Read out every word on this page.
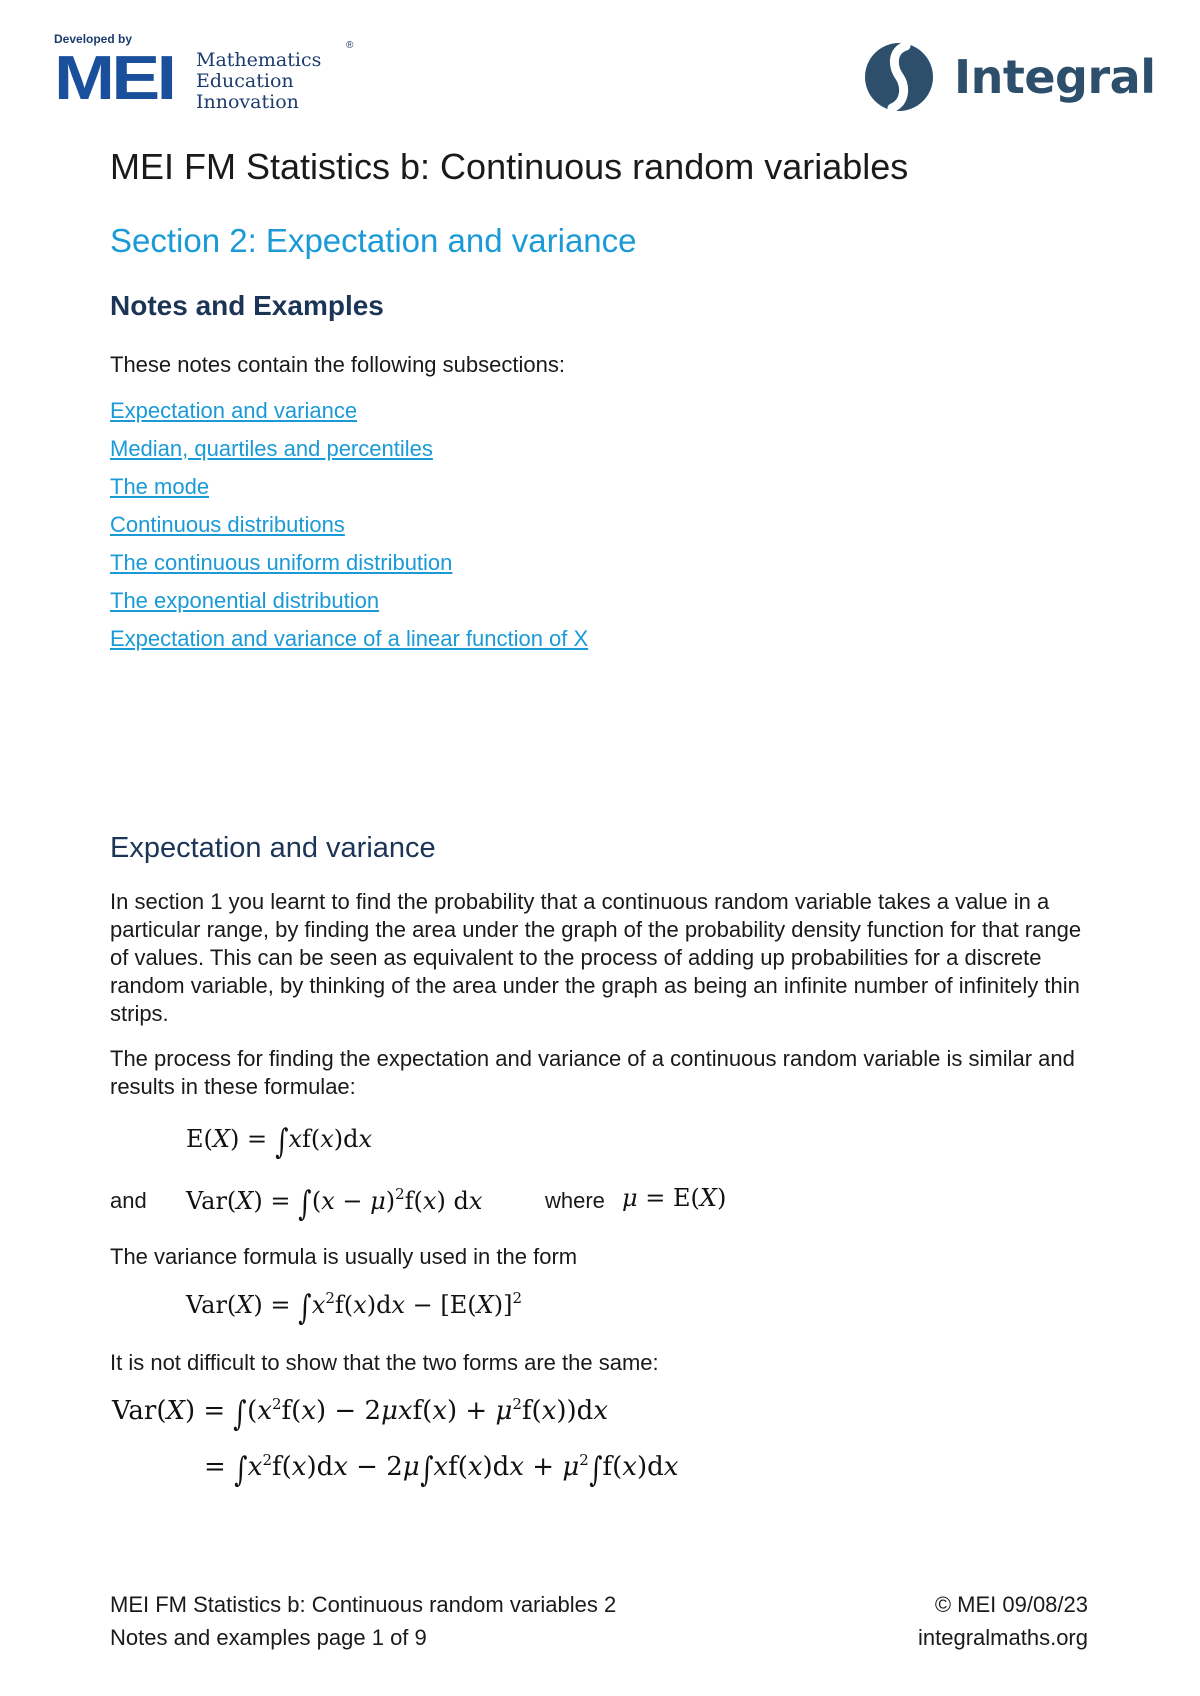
Developed by
MEI Mathematics
Education
Innovation
®
Integral
MEI FM Statistics b: Continuous random variables
Section 2: Expectation and variance
Notes and Examples
These notes contain the following subsections:
Expectation and variance
Median, quartiles and percentiles
The mode
Continuous distributions
The continuous uniform distribution
The exponential distribution
Expectation and variance of a linear function of X
Expectation and variance
In section 1 you learnt to find the probability that a continuous random variable takes a value in a particular range, by finding the area under the graph of the probability density function for that range of values. This can be seen as equivalent to the process of adding up probabilities for a discrete random variable, by thinking of the area under the graph as being an infinite number of infinitely thin strips.
The process for finding the expectation and variance of a continuous random variable is similar and results in these formulae:
E(X) = ∫xf(x)dx
and $Var(X) = \int(x - \mu)^2f(x)$ dx	where μ = E(X)
The variance formula is usually used in the form
$Var(X) = \int x^2f(x)dx - [E(X)]^2$
It is not difficult to show that the two forms are the same:
$Var(X) = \int(x^2f(x) - 2\mu xf(x) + \mu^2f(x))dx$
= $\int x^2f(x)dx - 2\mu\int xf(x)dx + \mu^2\int f(x)dx$
MEI FM Statistics b: Continuous random variables 2
Notes and examples page 1 of 9
© MEI 09/08/23
integralmaths.org
